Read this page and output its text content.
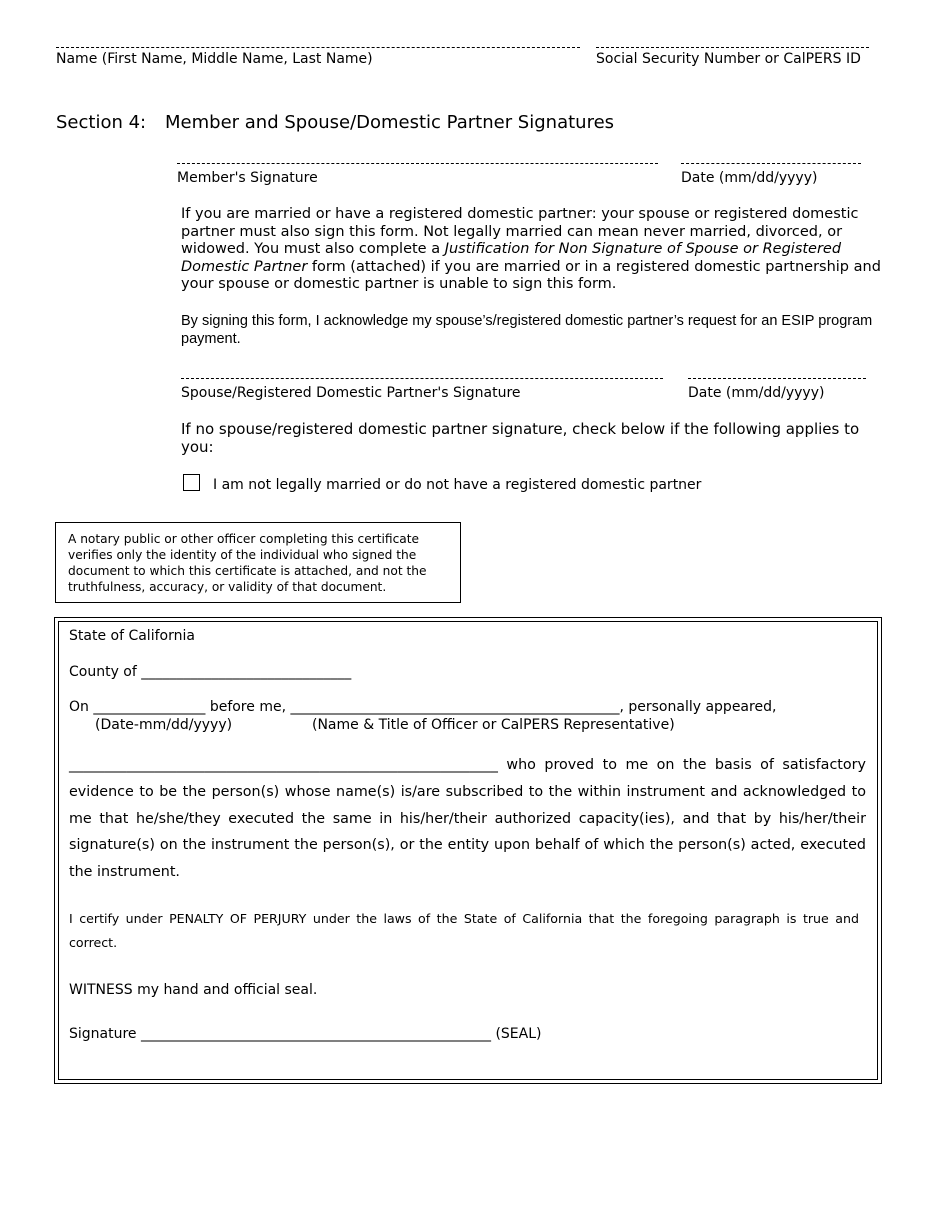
Name (First Name, Middle Name, Last Name)	Social Security Number or CalPERS ID
Section 4: Member and Spouse/Domestic Partner Signatures
Member's Signature	Date (mm/dd/yyyy)
If you are married or have a registered domestic partner: your spouse or registered domestic partner must also sign this form. Not legally married can mean never married, divorced, or widowed. You must also complete a Justification for Non Signature of Spouse or Registered Domestic Partner form (attached) if you are married or in a registered domestic partnership and your spouse or domestic partner is unable to sign this form.
By signing this form, I acknowledge my spouse’s/registered domestic partner’s request for an ESIP program payment.
Spouse/Registered Domestic Partner's Signature	Date (mm/dd/yyyy)
If no spouse/registered domestic partner signature, check below if the following applies to you:
I am not legally married or do not have a registered domestic partner
A notary public or other officer completing this certificate verifies only the identity of the individual who signed the document to which this certificate is attached, and not the truthfulness, accuracy, or validity of that document.
State of California
County of ______________________________
On ________________ before me, _______________________________________________, personally appeared,
(Date-mm/dd/yyyy)	(Name & Title of Officer or CalPERS Representative)
____________________________________________________________ who proved to me on the basis of satisfactory evidence to be the person(s) whose name(s) is/are subscribed to the within instrument and acknowledged to me that he/she/they executed the same in his/her/their authorized capacity(ies), and that by his/her/their signature(s) on the instrument the person(s), or the entity upon behalf of which the person(s) acted, executed the instrument.
I certify under PENALTY OF PERJURY under the laws of the State of California that the foregoing paragraph is true and correct.
WITNESS my hand and official seal.
Signature __________________________________________________ (SEAL)
